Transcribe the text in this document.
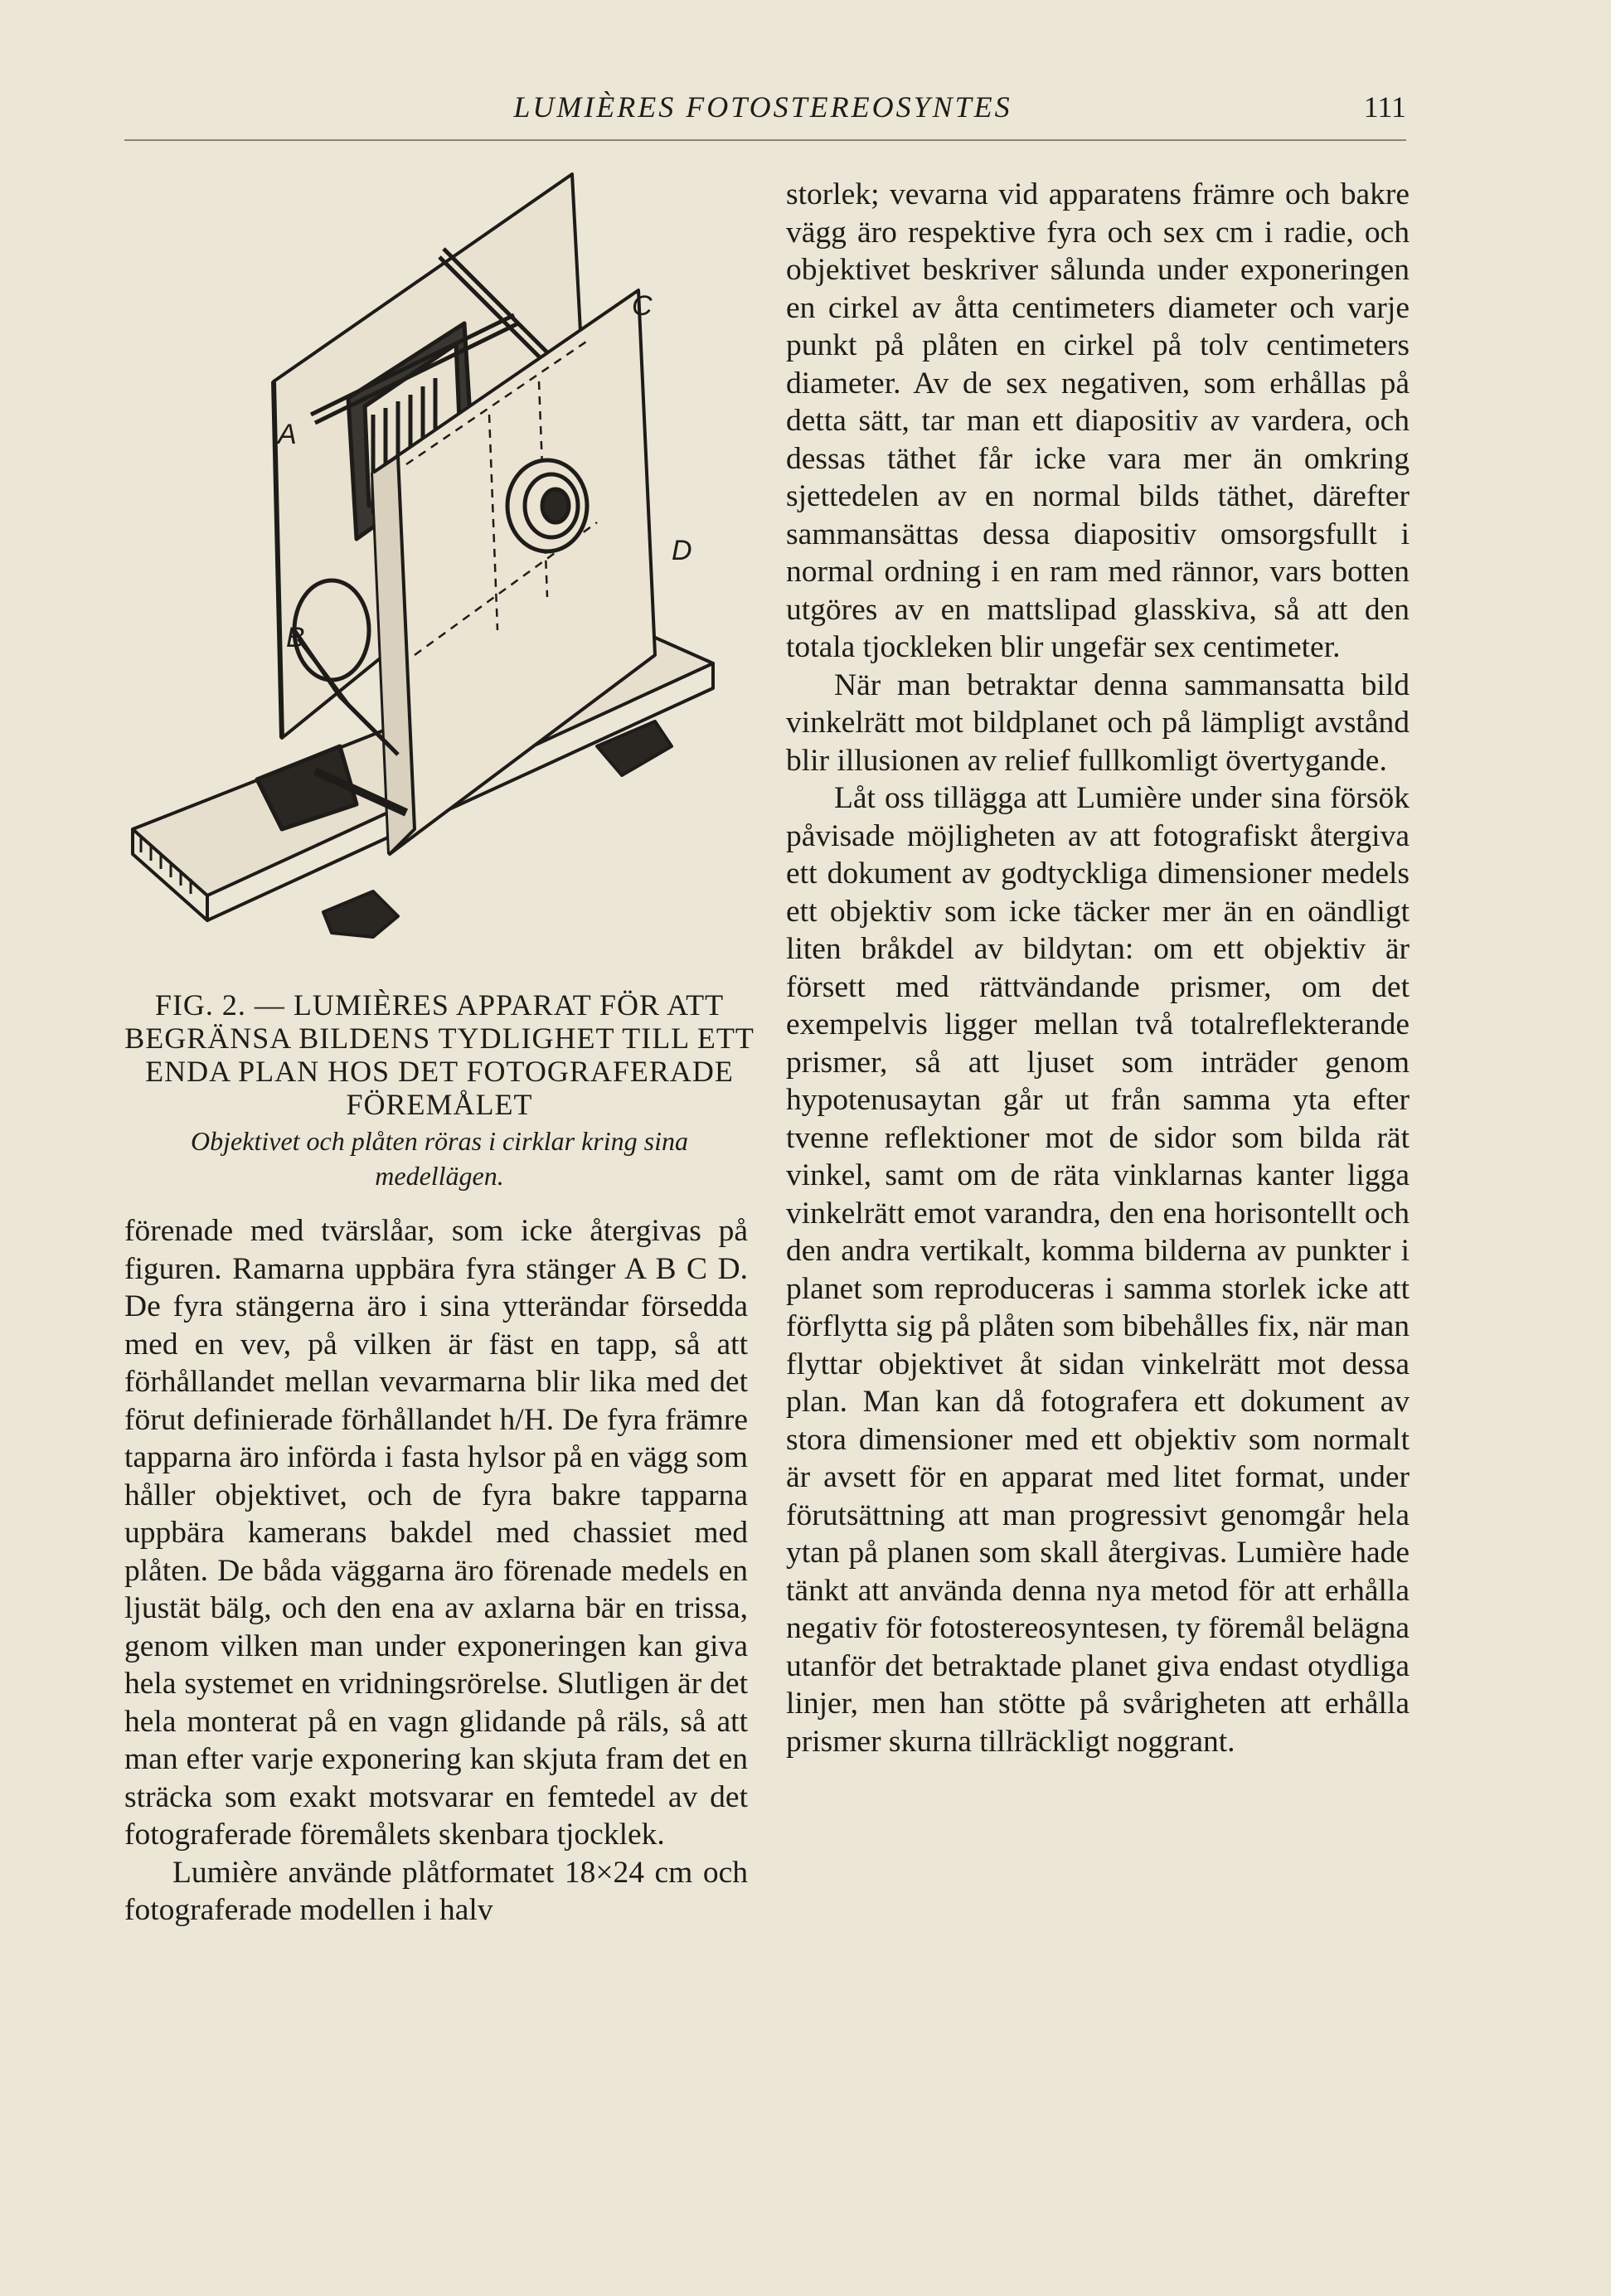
LUMIÈRES FOTOSTEREOSYNTES	111
A
B
C
D
FIG. 2. — LUMIÈRES APPARAT FÖR ATT BEGRÄNSA BILDENS TYDLIGHET TILL ETT ENDA PLAN HOS DET FOTOGRAFERADE FÖREMÅLET
Objektivet och plåten röras i cirklar kring sina medellägen.

förenade med tvärslåar, som icke återgivas på figuren. Ramarna uppbära fyra stänger A B C D. De fyra stängerna äro i sina ytterändar försedda med en vev, på vilken är fäst en tapp, så att förhållandet mellan vevarmarna blir lika med det förut definierade förhållandet h/H. De fyra främre tapparna äro införda i fasta hylsor på en vägg som håller objektivet, och de fyra bakre tapparna uppbära kamerans bakdel med chassiet med plåten. De båda väggarna äro förenade medels en ljustät bälg, och den ena av axlarna bär en trissa, genom vilken man under exponeringen kan giva hela systemet en vridningsrörelse. Slutligen är det hela monterat på en vagn glidande på räls, så att man efter varje exponering kan skjuta fram det en sträcka som exakt motsvarar en femtedel av det fotograferade föremålets skenbara tjocklek.

Lumière använde plåtformatet 18×24 cm och fotograferade modellen i halv

storlek; vevarna vid apparatens främre och bakre vägg äro respektive fyra och sex cm i radie, och objektivet beskriver sålunda under exponeringen en cirkel av åtta centimeters diameter och varje punkt på plåten en cirkel på tolv centimeters diameter. Av de sex negativen, som erhållas på detta sätt, tar man ett diapositiv av vardera, och dessas täthet får icke vara mer än omkring sjettedelen av en normal bilds täthet, därefter sammansättas dessa diapositiv omsorgsfullt i normal ordning i en ram med rännor, vars botten utgöres av en mattslipad glasskiva, så att den totala tjockleken blir ungefär sex centimeter.

När man betraktar denna sammansatta bild vinkelrätt mot bildplanet och på lämpligt avstånd blir illusionen av relief fullkomligt övertygande.

Låt oss tillägga att Lumière under sina försök påvisade möjligheten av att fotografiskt återgiva ett dokument av godtyckliga dimensioner medels ett objektiv som icke täcker mer än en oändligt liten bråkdel av bildytan: om ett objektiv är försett med rättvändande prismer, om det exempelvis ligger mellan två totalreflekterande prismer, så att ljuset som inträder genom hypotenusaytan går ut från samma yta efter tvenne reflektioner mot de sidor som bilda rät vinkel, samt om de räta vinklarnas kanter ligga vinkelrätt emot varandra, den ena horisontellt och den andra vertikalt, komma bilderna av punkter i planet som reproduceras i samma storlek icke att förflytta sig på plåten som bibehålles fix, när man flyttar objektivet åt sidan vinkelrätt mot dessa plan. Man kan då fotografera ett dokument av stora dimensioner med ett objektiv som normalt är avsett för en apparat med litet format, under förutsättning att man progressivt genomgår hela ytan på planen som skall återgivas. Lumière hade tänkt att använda denna nya metod för att erhålla negativ för fotostereosyntesen, ty föremål belägna utanför det betraktade planet giva endast otydliga linjer, men han stötte på svårigheten att erhålla prismer skurna tillräckligt noggrant.
